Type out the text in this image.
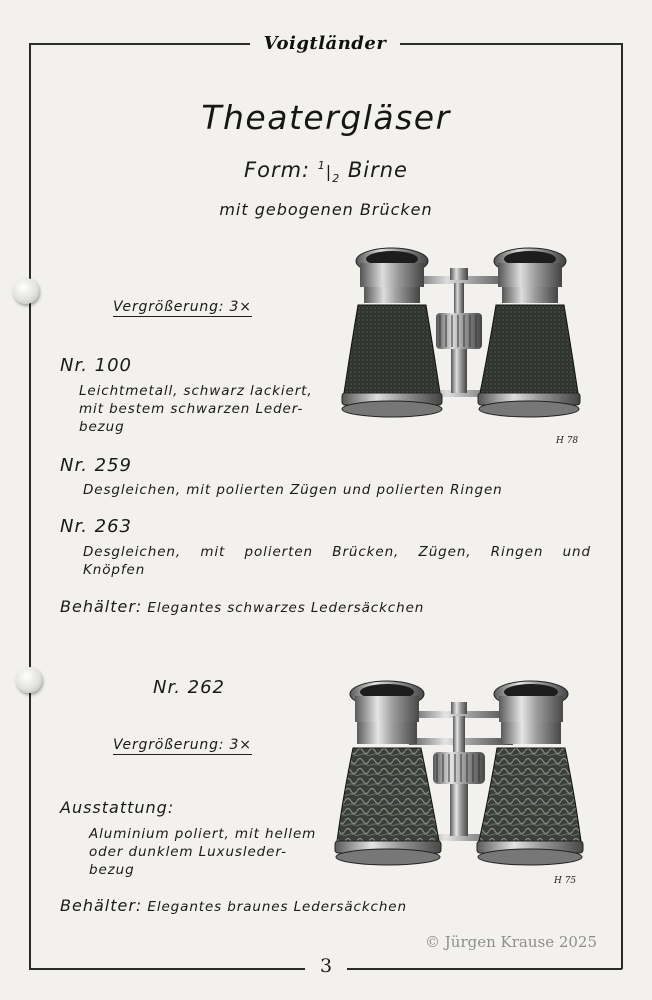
Voigtländer
Theatergläser
Form: $^1|_2$ Birne
mit gebogenen Brücken
Vergrößerung: 3×
Nr. 100
Leichtmetall, schwarz lackiert,
mit bestem schwarzen Leder-
bezug
Nr. 259
Desgleichen, mit polierten Zügen und polierten Ringen
Nr. 263
Desgleichen, mit polierten Brücken, Zügen, Ringen und
Knöpfen
Behälter: Elegantes schwarzes Ledersäckchen
H 78
Nr. 262
Vergrößerung: 3×
Ausstattung:
Aluminium poliert, mit hellem
oder dunklem Luxusleder-
bezug
Behälter: Elegantes braunes Ledersäckchen
H 75
© Jürgen Krause 2025
3
